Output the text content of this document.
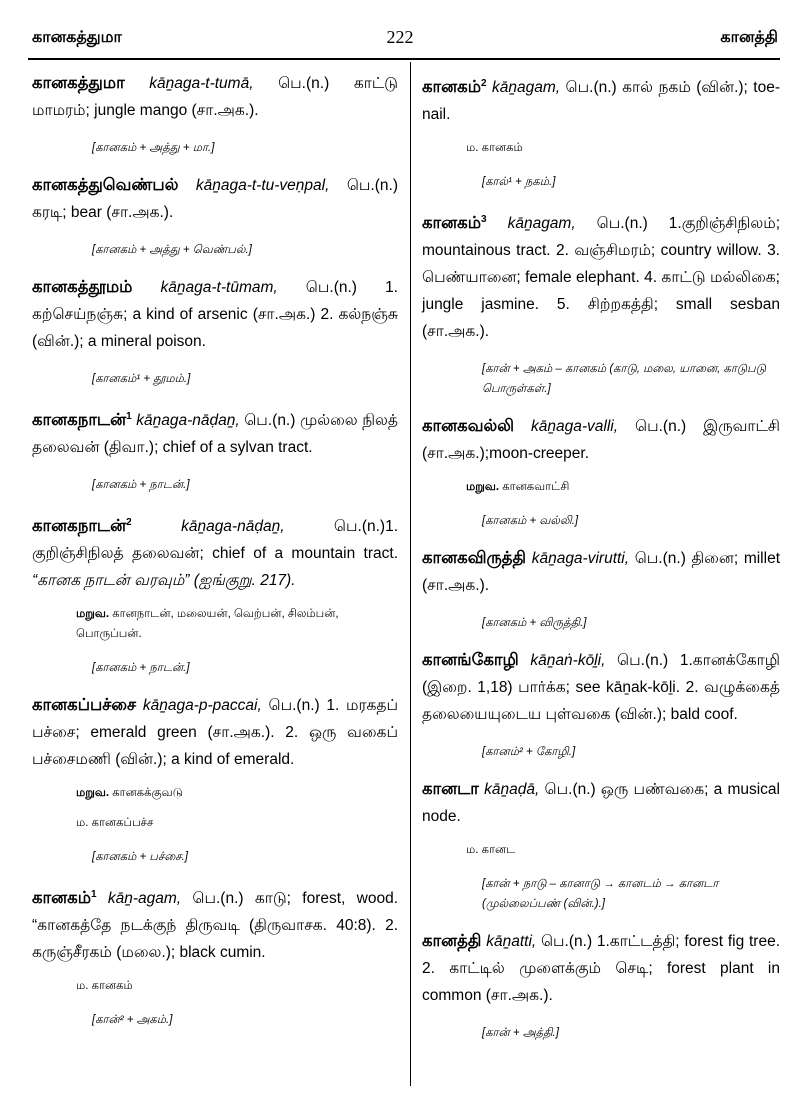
கானகத்துமா	222	கானத்தி

கானகத்துமா kāṉaga-t-tumā, பெ.(n.) காட்டு மாமரம்; jungle mango (சா.அக.).

[கானகம் + அத்து + மா.]

கானகத்துவெண்பல் kāṉaga-t-tu-veṇpal, பெ.(n.) கரடி; bear (சா.அக.).

[கானகம் + அத்து + வெண்பல்.]

கானகத்தூமம் kāṉaga-t-tūmam, பெ.(n.) 1. கற்செய்நஞ்சு; a kind of arsenic (சா.அக.) 2. கல்நஞ்சு (வின்.); a mineral poison.

[கானகம்¹ + தூமம்.]

கானகநாடன்$^1$ kāṉaga-nāḍaṉ, பெ.(n.) முல்லை நிலத் தலைவன் (திவா.); chief of a sylvan tract.

[கானகம் + நாடன்.]

கானகநாடன்$^2$	kāṉaga-nāḍaṉ, பெ.(n.)1. குறிஞ்சிநிலத் தலைவன்; chief of a mountain tract. “கானக நாடன் வரவும்” (ஐங்குறு. 217).

மறுவ. கானநாடன், மலையன், வெற்பன், சிலம்பன், பொருப்பன்.
[கானகம் + நாடன்.]

கானகப்பச்சை kāṉaga-p-paccai, பெ.(n.) 1. மரகதப் பச்சை; emerald green (சா.அக.). 2. ஒரு வகைப் பச்சைமணி (வின்.); a kind of emerald.

மறுவ. கானகக்குவடு
ம. கானகப்பச்ச
[கானகம் + பச்சை.]

கானகம்$^1$ kāṉ-agam, பெ.(n.) காடு; forest, wood. “கானகத்தே நடக்குந் திருவடி (திருவாசக. 40:8). 2. கருஞ்சீரகம் (மலை.); black cumin.

ம. கானகம்
[கான்² + அகம்.]

கானகம்$^2$ kāṉagam, பெ.(n.) கால் நகம் (வின்.); toe-nail.

ம. கானகம்
[கால்¹ + நகம்.]

கானகம்$^3$ kāṉagam, பெ.(n.) 1.குறிஞ்சிநிலம்; mountainous tract. 2. வஞ்சிமரம்; country willow. 3. பெண்யானை; female elephant. 4. காட்டு மல்லிகை; jungle jasmine. 5. சிற்றகத்தி; small sesban (சா.அக.).

[கான் + அகம் – கானகம் (காடு, மலை, யானை, காடுபடு பொருள்கள்.]

கானகவல்லி kāṉaga-valli, பெ.(n.) இருவாட்சி (சா.அக.);moon-creeper.

மறுவ. கானகவாட்சி
[கானகம் + வல்லி.]

கானகவிருத்தி kāṉaga-virutti, பெ.(n.) தினை; millet (சா.அக.).

[கானகம் + விருத்தி.]

கானங்கோழி kāṉaṅ-kōḻi, பெ.(n.) 1.கானக்கோழி (இறை. 1,18) பார்க்க; see kāṉak-kōḻi. 2. வழுக்கைத் தலையையுடைய புள்வகை (வின்.); bald coof.

[கானம்² + கோழி.]

கானடா kāṉaḍā, பெ.(n.) ஒரு பண்வகை; a musical node.

ம. கானட
[கான் + நாடு – கானாடு → கானடம் → கானடா (முல்லைப்பண் (வின்.).]

கானத்தி kāṉatti, பெ.(n.) 1.காட்டத்தி; forest fig tree. 2. காட்டில் முளைக்கும் செடி; forest plant in common (சா.அக.).

[கான் + அத்தி.]
